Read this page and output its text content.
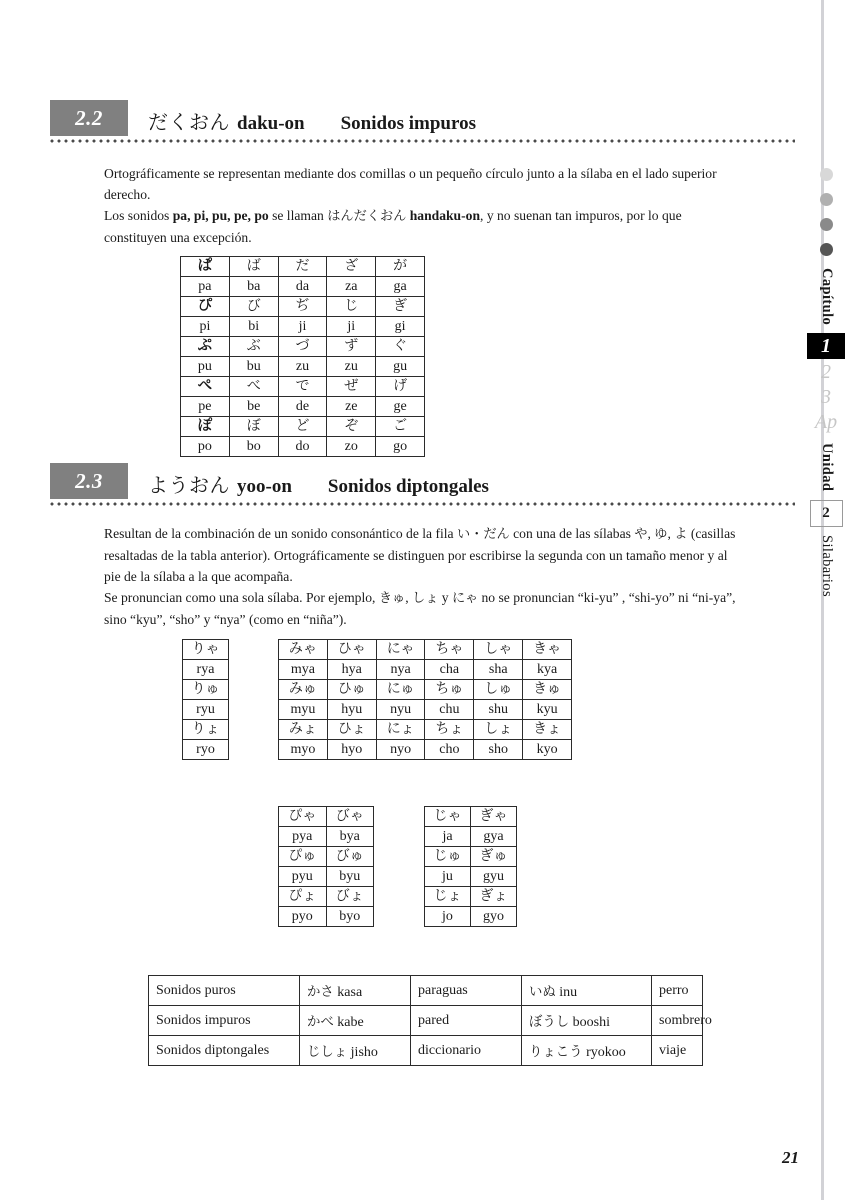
2.2	だくおん daku-on Sonidos impuros

Ortográficamente se representan mediante dos comillas o un pequeño círculo junto a la sílaba en el lado superior derecho.

Los sonidos pa, pi, pu, pe, po se llaman はんだくおん handaku-on, y no suenan tan impuros, por lo que constituyen una excepción.

ぱ	ば	だ	ざ	が
pa	ba	da	za	ga
ぴ	び	ぢ	じ	ぎ
pi	bi	ji	ji	gi
ぷ	ぶ	づ	ず	ぐ
pu	bu	zu	zu	gu
ぺ	べ	で	ぜ	げ
pe	be	de	ze	ge
ぽ	ぼ	ど	ぞ	ご
po	bo	do	zo	go
2.3	ようおん yoo-on Sonidos diptongales

Resultan de la combinación de un sonido consonántico de la fila い・だん con una de las sílabas や, ゆ, よ (casillas resaltadas de la tabla anterior). Ortográficamente se distinguen por escribirse la segunda con un tamaño menor y al pie de la sílaba a la que acompaña.

Se pronuncian como una sola sílaba. Por ejemplo, きゅ, しょ y にゃ no se pronuncian “ki-yu” , “shi-yo” ni “ni-ya”, sino “kyu”, “sho” y “nya” (como en “niña”).

りゃ
rya
りゅ
ryu
りょ
ryo
みゃ	ひゃ	にゃ	ちゃ	しゃ	きゃ
mya	hya	nya	cha	sha	kya
みゅ	ひゅ	にゅ	ちゅ	しゅ	きゅ
myu	hyu	nyu	chu	shu	kyu
みょ	ひょ	にょ	ちょ	しょ	きょ
myo	hyo	nyo	cho	sho	kyo
ぴゃ	びゃ
pya	bya
ぴゅ	びゅ
pyu	byu
ぴょ	びょ
pyo	byo
じゃ	ぎゃ
ja	gya
じゅ	ぎゅ
ju	gyu
じょ	ぎょ
jo	gyo
Sonidos puros	かさ kasa	paraguas	いぬ inu	perro
Sonidos impuros	かべ kabe	pared	ぼうし booshi	sombrero
Sonidos diptongales	じしょ jisho	diccionario	りょこう ryokoo	viaje
Capítulo
1
2
3
Ap
Unidad
2
Silabarios
21
